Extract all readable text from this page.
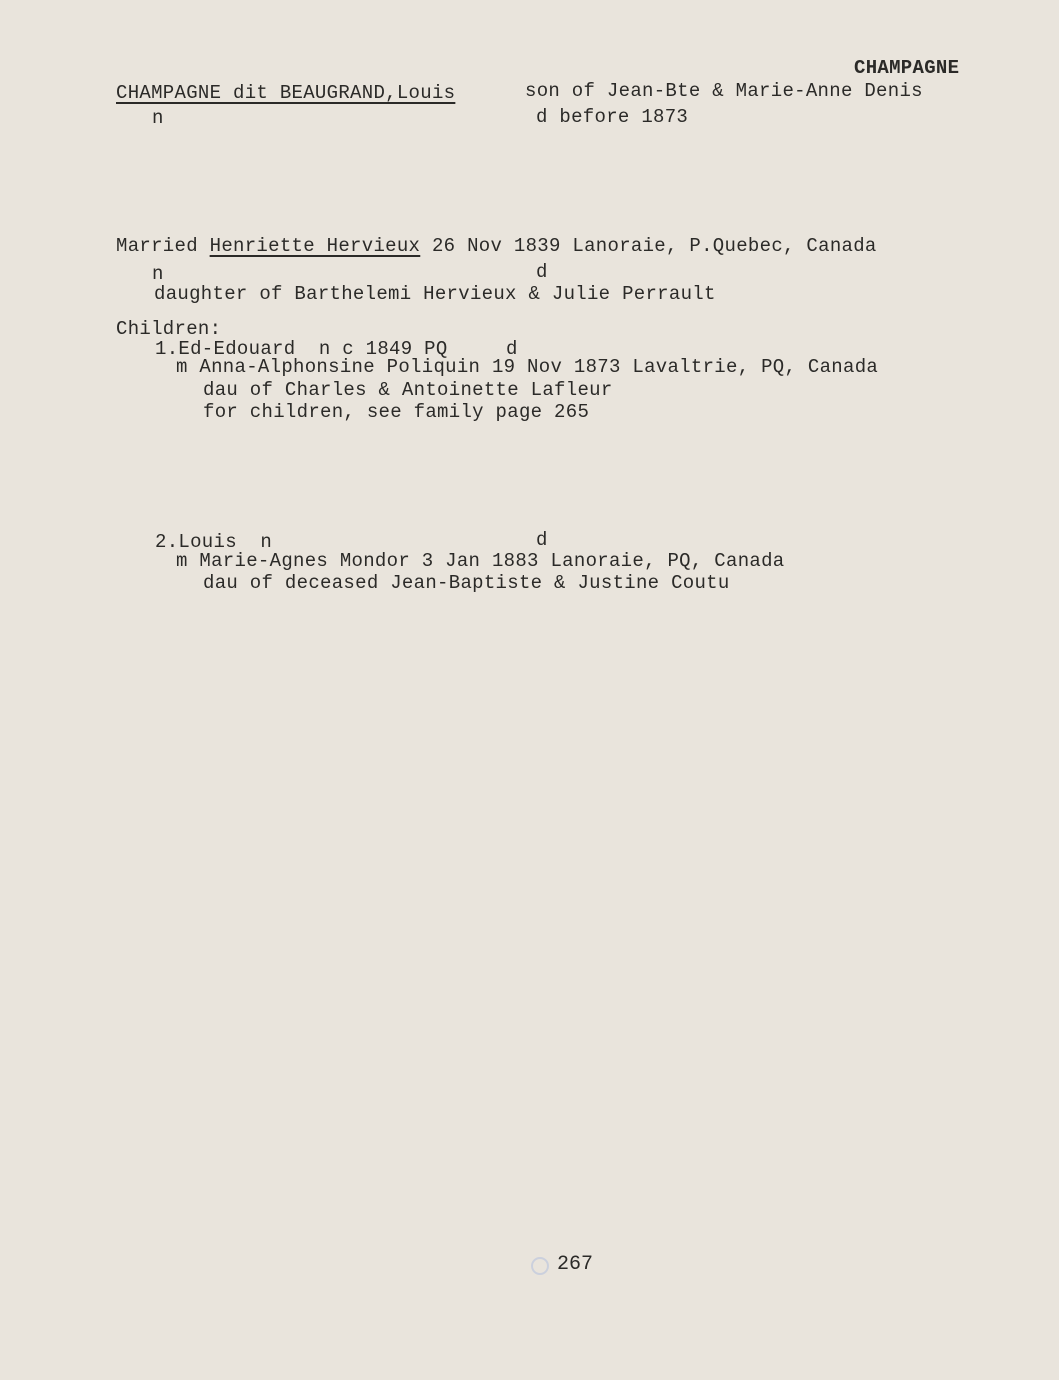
CHAMPAGNE
CHAMPAGNE dit BEAUGRAND,Louis	son of Jean-Bte & Marie-Anne Denis
n	d before 1873
Married Henriette Hervieux 26 Nov 1839 Lanoraie, P.Quebec, Canada
n	d
daughter of Barthelemi Hervieux & Julie Perrault
Children:
1.Ed-Edouard  n c 1849 PQ     d
m Anna-Alphonsine Poliquin 19 Nov 1873 Lavaltrie, PQ, Canada
dau of Charles & Antoinette Lafleur
for children, see family page 265
2.Louis  n	d
m Marie-Agnes Mondor 3 Jan 1883 Lanoraie, PQ, Canada
dau of deceased Jean-Baptiste & Justine Coutu
267
